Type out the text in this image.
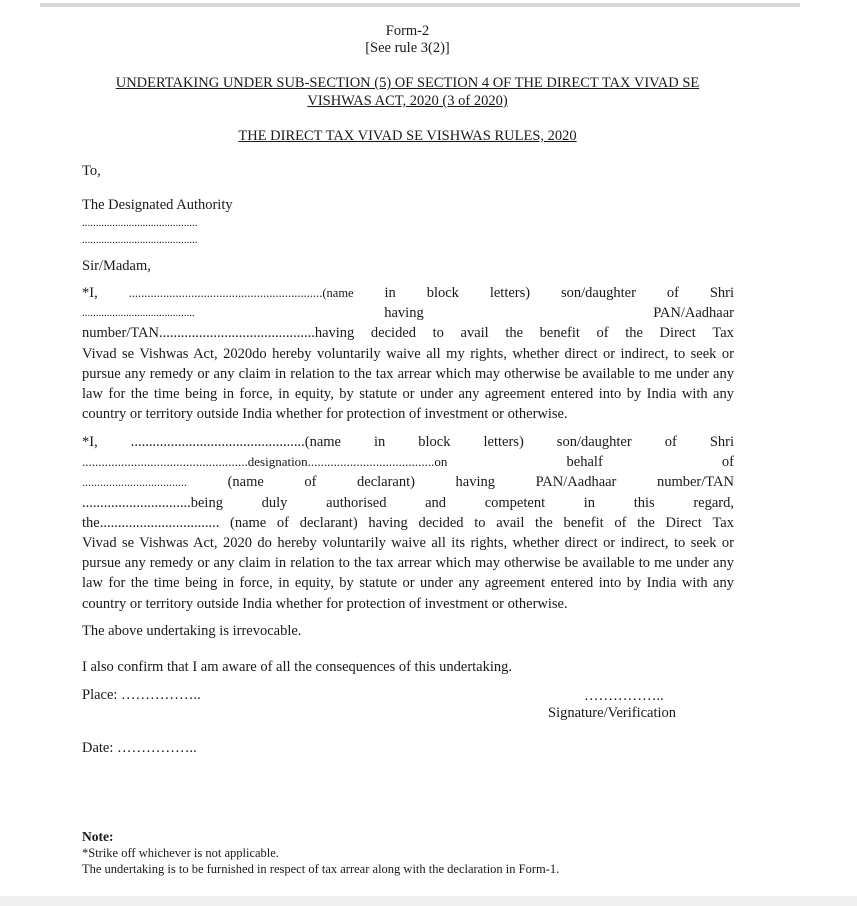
Form-2
[See rule 3(2)]
UNDERTAKING UNDER SUB-SECTION (5) OF SECTION 4 OF THE DIRECT TAX VIVAD SE
VISHWAS ACT, 2020 (3 of 2020)
THE DIRECT TAX VIVAD SE VISHWAS RULES, 2020
To,
The Designated Authority
..........................................
..........................................
Sir/Madam,
*I, ..............................................................(name in block letters) son/daughter of Shri
.........................................	having	PAN/Aadhaar
number/TAN...........................................having decided to avail the benefit of the Direct Tax
Vivad se Vishwas Act, 2020do hereby voluntarily waive all my rights, whether direct or indirect, to seek or pursue any remedy or any claim in relation to the tax arrear which may otherwise be available to me under any law for the time being in force, in equity, by statute or under any agreement entered into by India with any country or territory outside India whether for protection of investment or otherwise.
*I, ................................................(name in block letters) son/daughter of Shri
...................................................designation.......................................on	behalf	of
...................................	(name	of	declarant)	having	PAN/Aadhaar	number/TAN
..............................being	duly	authorised	and	competent	in	this	regard,
the................................. (name of declarant) having decided to avail the benefit of the Direct Tax
Vivad se Vishwas Act, 2020 do hereby voluntarily waive all its rights, whether direct or indirect, to seek or pursue any remedy or any claim in relation to the tax arrear which may otherwise be available to me under any law for the time being in force, in equity, by statute or under any agreement entered into by India with any country or territory outside India whether for protection of investment or otherwise.
The above undertaking is irrevocable.
I also confirm that I am aware of all the consequences of this undertaking.
Place: ……………..	……………..
Signature/Verification
Date: ……………..
Note:
*Strike off whichever is not applicable.
The undertaking is to be furnished in respect of tax arrear along with the declaration in Form-1.
